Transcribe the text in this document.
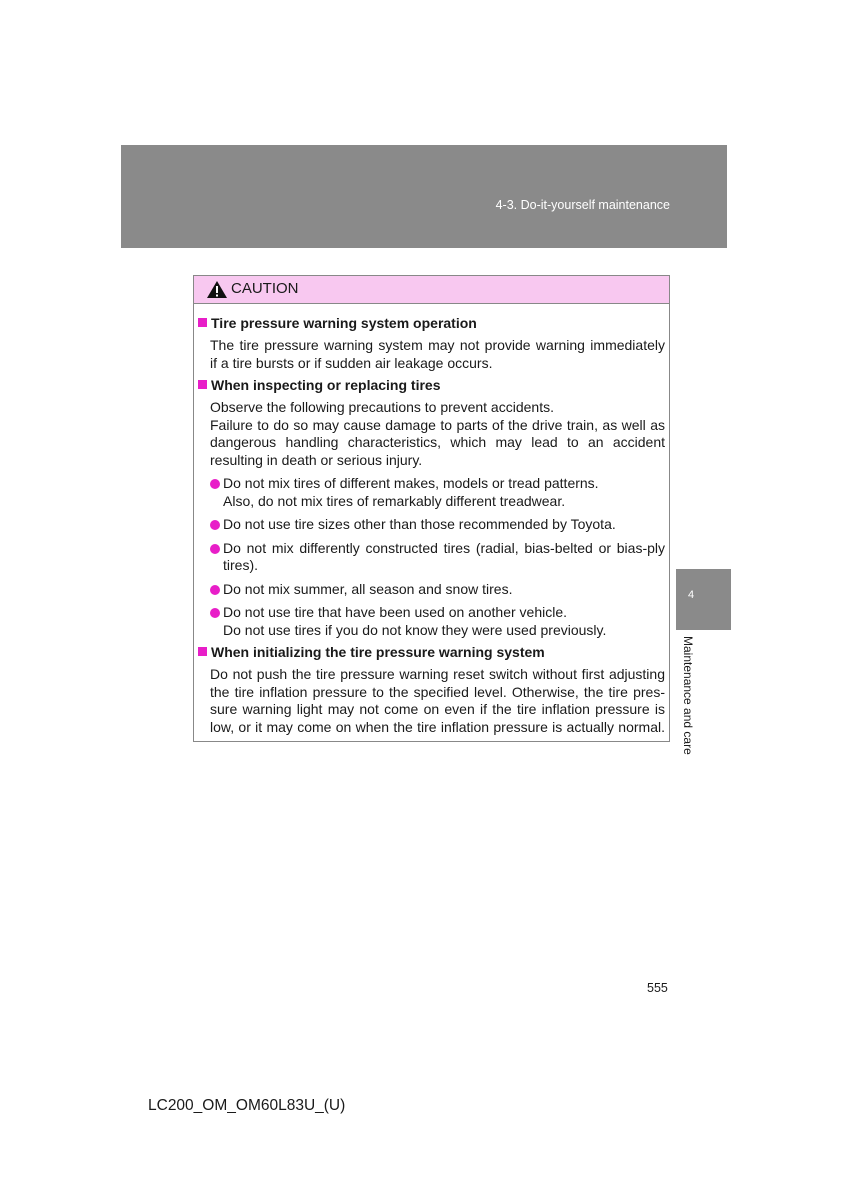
4-3. Do-it-yourself maintenance
CAUTION
Tire pressure warning system operation
The tire pressure warning system may not provide warning immediately
if a tire bursts or if sudden air leakage occurs.
When inspecting or replacing tires
Observe the following precautions to prevent accidents.
Failure to do so may cause damage to parts of the drive train, as well as
dangerous handling characteristics, which may lead to an accident
resulting in death or serious injury.
Do not mix tires of different makes, models or tread patterns.
Also, do not mix tires of remarkably different treadwear.
Do not use tire sizes other than those recommended by Toyota.
Do not mix differently constructed tires (radial, bias-belted or bias-ply
tires).
Do not mix summer, all season and snow tires.
Do not use tire that have been used on another vehicle.
Do not use tires if you do not know they were used previously.
When initializing the tire pressure warning system
Do not push the tire pressure warning reset switch without first adjusting
the tire inflation pressure to the specified level. Otherwise, the tire pres-
sure warning light may not come on even if the tire inflation pressure is
low, or it may come on when the tire inflation pressure is actually normal.
4
Maintenance and care
555
LC200_OM_OM60L83U_(U)
